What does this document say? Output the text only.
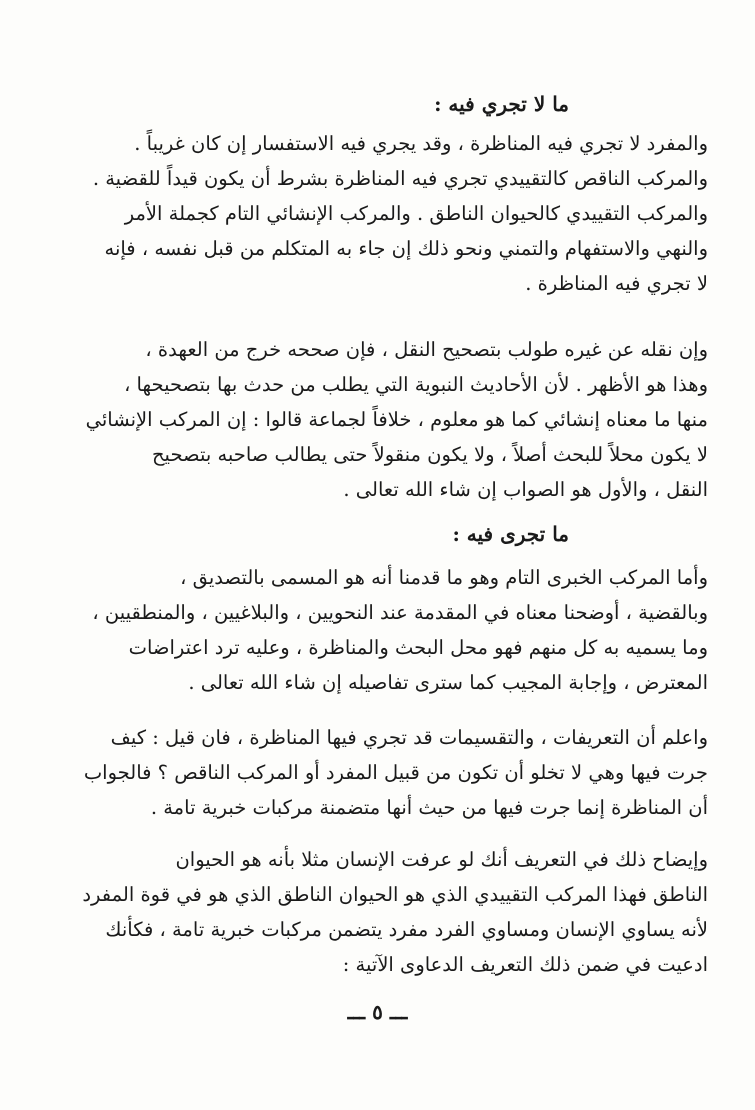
ما لا تجري فيه :
والمفرد لا تجري فيه المناظرة ، وقد يجري فيه الاستفسار إن كان غريباً .
والمركب الناقص كالتقييدي تجري فيه المناظرة بشرط أن يكون قيداً للقضية .
والمركب التقييدي كالحيوان الناطق . والمركب الإنشائي التام كجملة الأمر
والنهي والاستفهام والتمني ونحو ذلك إن جاء به المتكلم من قبل نفسه ، فإنه
لا تجري فيه المناظرة .
وإن نقله عن غيره طولب بتصحيح النقل ، فإن صححه خرج من العهدة ،
وهذا هو الأظهر . لأن الأحاديث النبوية التي يطلب من حدث بها بتصحيحها ،
منها ما معناه إنشائي كما هو معلوم ، خلافاً لجماعة قالوا : إن المركب الإنشائي
لا يكون محلاً للبحث أصلاً ، ولا يكون منقولاً حتى يطالب صاحبه بتصحيح
النقل ، والأول هو الصواب إن شاء الله تعالى .
ما تجرى فيه :
وأما المركب الخبرى التام وهو ما قدمنا أنه هو المسمى بالتصديق ،
وبالقضية ، أوضحنا معناه في المقدمة عند النحويين ، والبلاغيين ، والمنطقيين ،
وما يسميه به كل منهم فهو محل البحث والمناظرة ، وعليه ترد اعتراضات
المعترض ، وإجابة المجيب كما سترى تفاصيله إن شاء الله تعالى .
واعلم أن التعريفات ، والتقسيمات قد تجري فيها المناظرة ، فان قيل : كيف
جرت فيها وهي لا تخلو أن تكون من قبيل المفرد أو المركب الناقص ؟ فالجواب
أن المناظرة إنما جرت فيها من حيث أنها متضمنة مركبات خبرية تامة .
وإيضاح ذلك في التعريف أنك لو عرفت الإنسان مثلا بأنه هو الحيوان
الناطق فهذا المركب التقييدي الذي هو الحيوان الناطق الذي هو في قوة المفرد
لأنه يساوي الإنسان ومساوي الفرد مفرد يتضمن مركبات خبرية تامة ، فكأنك
ادعيت في ضمن ذلك التعريف الدعاوى الآتية :
ـــ ٥ ـــ
